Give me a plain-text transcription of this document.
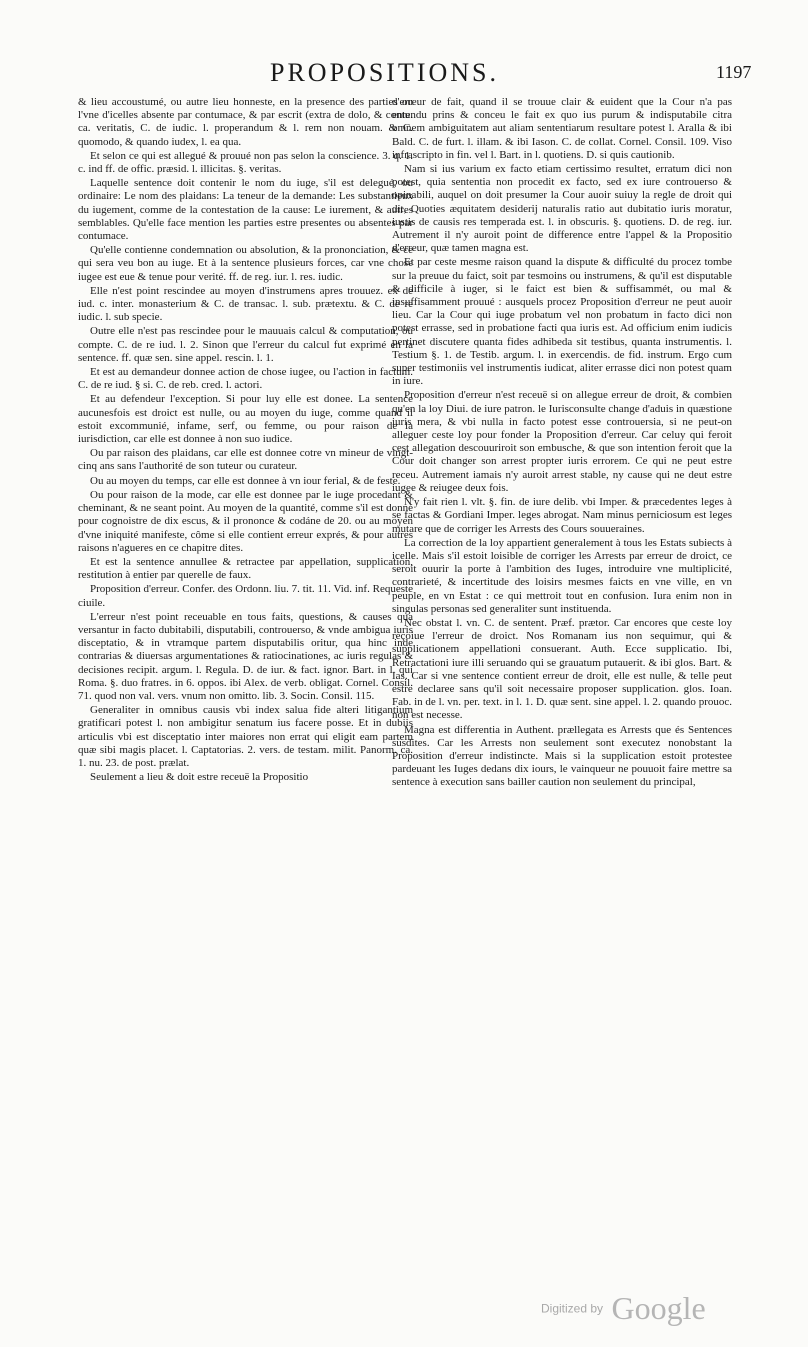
PROPOSITIONS.	1197

& lieu accoustumé, ou autre lieu honneste, en la presence des parties ou l'vne d'icelles absente par contumace, & par escrit (extra de dolo, & contu. ca. veritatis, C. de iudic. l. properandum & l. rem non nouam. & C. quomodo, & quando iudex, l. ea qua.

Et selon ce qui est allegué & prouué non pas selon la conscience. 3. q. 1. c. ind ff. de offic. præsid. l. illicitas. §. veritas.

Laquelle sentence doit contenir le nom du iuge, s'il est delegué, ou ordinaire: Le nom des plaidans: La teneur de la demande: Les substantieux du iugement, comme de la contestation de la cause: Le iurement, & autres semblables. Qu'elle face mention les parties estre presentes ou absentes par contumace.

Qu'elle contienne condemnation ou absolution, & la prononciation, & ce qui sera veu bon au iuge. Et à la sentence plusieurs forces, car vne chose iugee est eue & tenue pour verité. ff. de reg. iur. l. res. iudic.

Elle n'est point rescindee au moyen d'instrumens apres trouuez. ex de iud. c. inter. monasterium & C. de transac. l. sub. prætextu. & C. de re iudic. l. sub specie.

Outre elle n'est pas rescindee pour le mauuais calcul & computation, ou compte. C. de re iud. l. 2. Sinon que l'erreur du calcul fut exprimé en la sentence. ff. quæ sen. sine appel. rescin. l. 1.

Et est au demandeur donnee action de chose iugee, ou l'action in factum. C. de re iud. § si. C. de reb. cred. l. actori.

Et au defendeur l'exception. Si pour luy elle est donee. La sentence aucunesfois est droict est nulle, ou au moyen du iuge, comme quand il estoit excommunié, infame, serf, ou femme, ou pour raison de la iurisdiction, car elle est donnee à non suo iudice.

Ou par raison des plaidans, car elle est donnee cotre vn mineur de vingt-cinq ans sans l'authorité de son tuteur ou curateur.

Ou au moyen du temps, car elle est donnee à vn iour ferial, & de feste.

Ou pour raison de la mode, car elle est donnee par le iuge procedant & cheminant, & ne seant point. Au moyen de la quantité, comme s'il est donné pour cognoistre de dix escus, & il prononce & codáne de 20. ou au moyen d'vne iniquité manifeste, côme si elle contient erreur exprés, & pour autres raisons n'agueres en ce chapitre dites.

Et est la sentence annullee & retractee par appellation, supplication, restitution à entier par querelle de faux.

Proposition d'erreur. Confer. des Ordonn. liu. 7. tit. 11. Vid. inf. Requeste ciuile.

L'erreur n'est point receuable en tous faits, questions, & causes qua versantur in facto dubitabili, disputabili, controuerso, & vnde ambigua iuris disceptatio, & in vtramque partem disputabilis oritur, qua hinc inde contrarias & diuersas argumentationes & ratiocinationes, ac iuris regulas & decisiones recipit. argum. l. Regula. D. de iur. & fact. ignor. Bart. in l. qui Roma. §. duo fratres. in 6. oppos. ibi Alex. de verb. obligat. Cornel. Consil. 71. quod non val. vers. vnum non omitto. lib. 3. Socin. Consil. 115.

Generaliter in omnibus causis vbi index salua fide alteri litigantium gratificari potest l. non ambigitur senatum ius facere posse. Et in dubiis articulis vbi est disceptatio inter maiores non errat qui eligit eam partem quæ sibi magis placet. l. Captatorias. 2. vers. de testam. milit. Panorm. ca. 1. nu. 23. de post. prælat.

Seulement a lieu & doit estre receuë la Propositio

d'erreur de fait, quand il se trouue clair & euident que la Cour n'a pas entendu prins & conceu le fait ex quo ius purum & indisputabile citra omnem ambiguitatem aut aliam sententiarum resultare potest l. Aralla & ibi Bald. C. de furt. l. illam. & ibi Iason. C. de collat. Cornel. Consil. 109. Viso infrascripto in fin. vel l. Bart. in l. quotiens. D. si quis cautionib.

Nam si ius varium ex facto etiam certissimo resultet, erratum dici non potest, quia sententia non procedit ex facto, sed ex iure controuerso & opinabili, auquel on doit presumer la Cour auoir suiuy la regle de droit qui dit, Quoties æquitatem desiderij naturalis ratio aut dubitatio iuris moratur, iustis de causis res temperada est. l. in obscuris. §. quotiens. D. de reg. iur. Autrement il n'y auroit point de difference entre l'appel & la Propositio d'erreur, quæ tamen magna est.

Et par ceste mesme raison quand la dispute & difficulté du procez tombe sur la preuue du faict, soit par tesmoins ou instrumens, & qu'il est disputable & difficile à iuger, si le faict est bien & suffisammét, ou mal & insuffisamment prouué : ausquels procez Proposition d'erreur ne peut auoir lieu. Car la Cour qui iuge probatum vel non probatum in facto dici non potest errasse, sed in probatione facti qua iuris est. Ad officium enim iudicis pertinet discutere quanta fides adhibeda sit testibus, quanta instrumentis. l. Testium §. 1. de Testib. argum. l. in exercendis. de fid. instrum. Ergo cum super testimoniis vel instrumentis iudicat, aliter errasse dici non potest quam in iure.

Proposition d'erreur n'est receuë si on allegue erreur de droit, & combien qu'en la loy Diui. de iure patron. le Iurisconsulte change d'aduis in quæstione iuris mera, & vbi nulla in facto potest esse controuersia, si ne peut-on alleguer ceste loy pour fonder la Proposition d'erreur. Car celuy qui feroit cest allegation descouuriroit son embusche, & que son intention feroit que la Cour doit changer son arrest propter iuris errorem. Ce qui ne peut estre receu. Autrement iamais n'y auroit arrest stable, ny cause qui ne deut estre iugee & reiugee deux fois.

N'y fait rien l. vlt. §. fin. de iure delib. vbi Imper. & præcedentes leges à se factas & Gordiani Imper. leges abrogat. Nam minus perniciosum est leges mutare que de corriger les Arrests des Cours souueraines.

La correction de la loy appartient generalement à tous les Estats subiects à icelle. Mais s'il estoit loisible de corriger les Arrests par erreur de droict, ce seroit ouurir la porte à l'ambition des Iuges, introduire vne multiplicité, contrarieté, & incertitude des loisirs mesmes faicts en vne ville, en vn peuple, en vn Estat : ce qui mettroit tout en confusion. Iura enim non in singulas personas sed generaliter sunt instituenda.

Nec obstat l. vn. C. de sentent. Præf. prætor. Car encores que ceste loy reçoiue l'erreur de droict. Nos Romanam ius non sequimur, qui & supplicationem appellationi consuerant. Auth. Ecce supplicatio. Ibi, Retractationi iure illi seruando qui se grauatum putauerit. & ibi glos. Bart. & Ias. Car si vne sentence contient erreur de droit, elle est nulle, & telle peut estre declaree sans qu'il soit necessaire proposer supplication. glos. Ioan. Fab. in de l. vn. per. text. in l. 1. D. quæ sent. sine appel. l. 2. quando prouoc. non est necesse.

Magna est differentia in Authent. prællegata es Arrests que és Sentences susdites. Car les Arrests non seulement sont executez nonobstant la Proposition d'erreur indistincte. Mais si la supplication estoit protestee pardeuant les Iuges dedans dix iours, le vainqueur ne pouuoit faire mettre sa sentence à execution sans bailler caution non seulement du principal,

Digitized by Google
